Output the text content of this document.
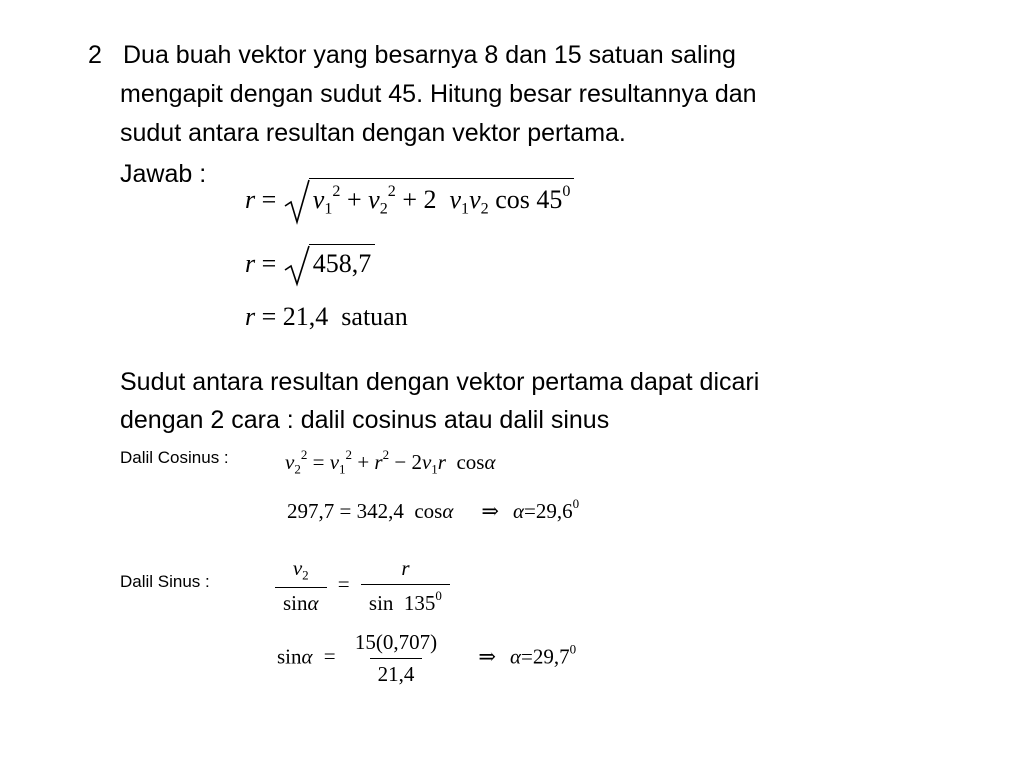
2 Dua buah vektor yang besarnya 8 dan 15 satuan saling
mengapit dengan sudut 45. Hitung besar resultannya dan
sudut antara resultan dengan vektor pertama.
Jawab :
$r = v_1^2 + v_2^2 + 2$ $v_1v_2$ $\cos 45^0$
r = 458,7
r = 21,4 satuan
Sudut antara resultan dengan vektor pertama dapat dicari
dengan 2 cara : dalil cosinus atau dalil sinus
Dalil Cosinus :	$v_2^2 = v_1^2 + r^2 - 2v_1r$ cosα
297,7 = 342,4 cosα ⇒ $\alpha=29,6^0$
Dalil Sinus :	$\frac{v_2}{\sin\alpha} = \frac{r}{\sin 135^0}$
$\sin\alpha = \frac{15(0,707)}{21,4}$ ⇒ $\alpha=29,7^0$
